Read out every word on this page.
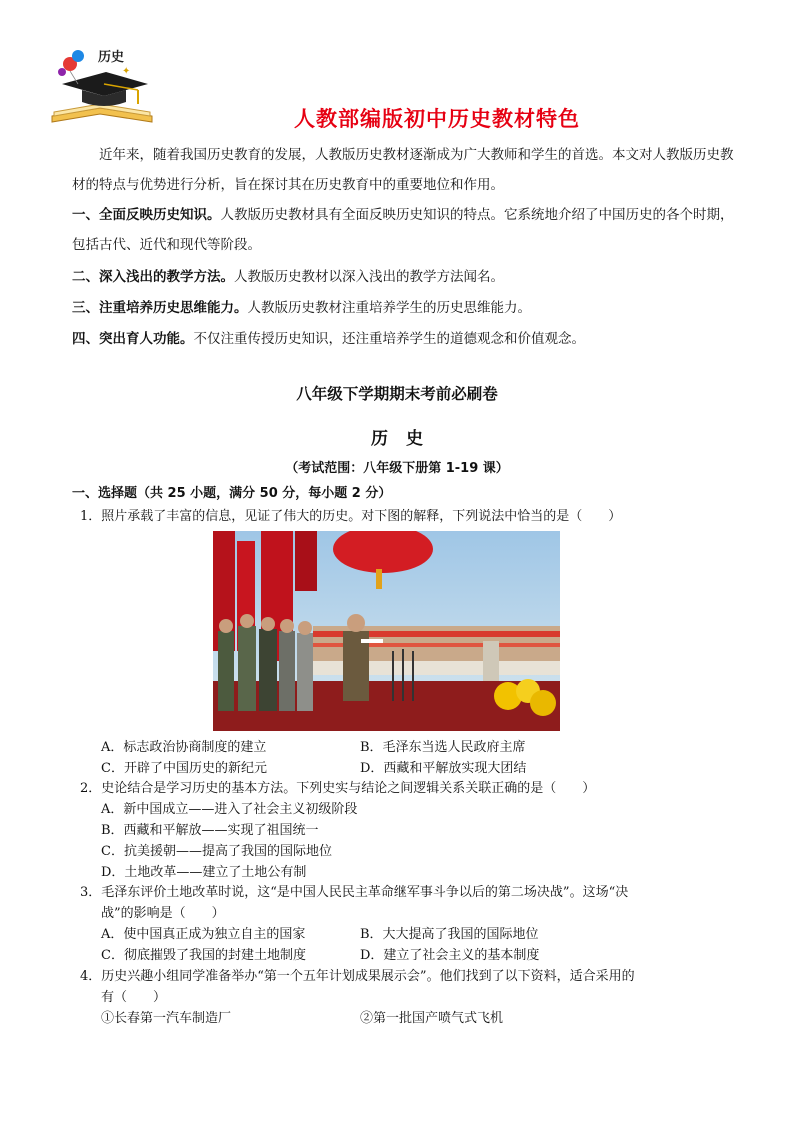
✦
历史
人教部编版初中历史教材特色
近年来，随着我国历史教育的发展，人教版历史教材逐渐成为广大教师和学生的首选。本文对人教版历史教材的特点与优势进行分析，旨在探讨其在历史教育中的重要地位和作用。
一、全面反映历史知识。人教版历史教材具有全面反映历史知识的特点。它系统地介绍了中国历史的各个时期，包括古代、近代和现代等阶段。
二、深入浅出的教学方法。人教版历史教材以深入浅出的教学方法闻名。
三、注重培养历史思维能力。人教版历史教材注重培养学生的历史思维能力。
四、突出育人功能。不仅注重传授历史知识，还注重培养学生的道德观念和价值观念。
八年级下学期期末考前必刷卷
历史
（考试范围：八年级下册第 1-19 课）
一、选择题（共 25 小题，满分 50 分，每小题 2 分）
1．照片承载了丰富的信息，见证了伟大的历史。对下图的解释，下列说法中恰当的是（　　）
A．标志政治协商制度的建立	B．毛泽东当选人民政府主席
C．开辟了中国历史的新纪元	D．西藏和平解放实现大团结
2．史论结合是学习历史的基本方法。下列史实与结论之间逻辑关系关联正确的是（　　）
A．新中国成立——进入了社会主义初级阶段
B．西藏和平解放——实现了祖国统一
C．抗美援朝——提高了我国的国际地位
D．土地改革——建立了土地公有制
3．毛泽东评价土地改革时说，这“是中国人民民主革命继军事斗争以后的第二场决战”。这场“决
战”的影响是（　　）
A．使中国真正成为独立自主的国家	B．大大提高了我国的国际地位
C．彻底摧毁了我国的封建土地制度	D．建立了社会主义的基本制度
4．历史兴趣小组同学准备举办“第一个五年计划成果展示会”。他们找到了以下资料，适合采用的
有（　　）
①长春第一汽车制造厂	②第一批国产喷气式飞机
